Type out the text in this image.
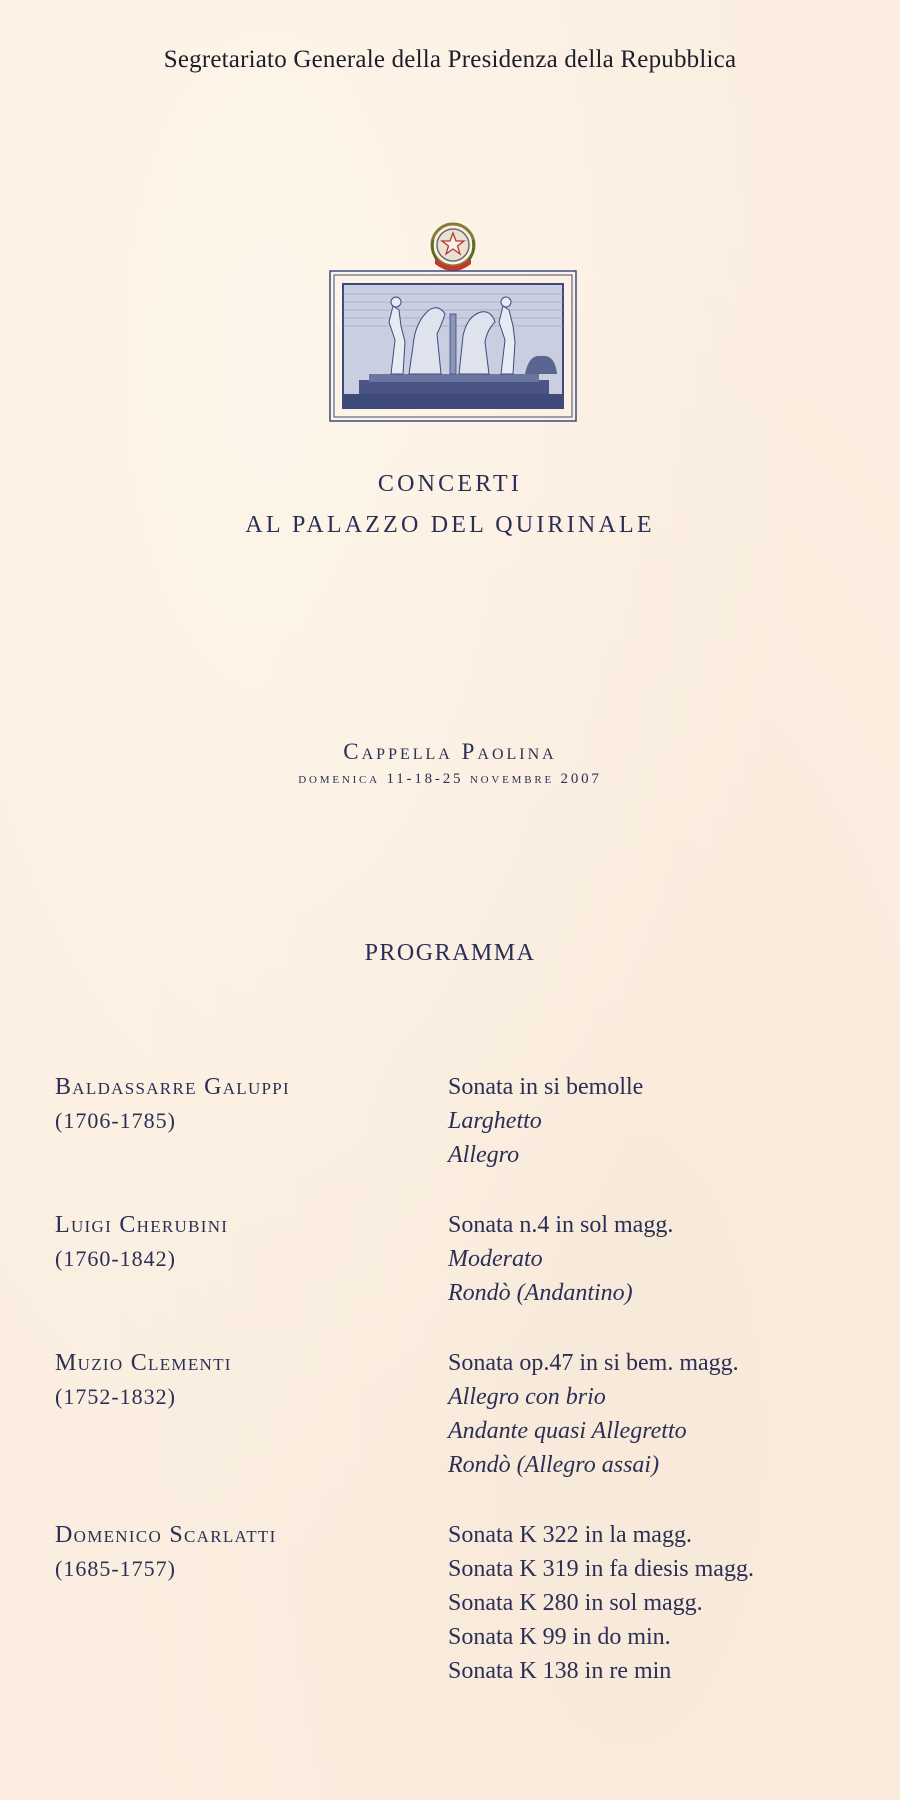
Segretariato Generale della Presidenza della Repubblica
CONCERTI
AL PALAZZO DEL QUIRINALE
Cappella Paolina
domenica 11-18-25 novembre 2007
PROGRAMMA
Baldassarre Galuppi
(1706-1785)
Sonata in si bemolle
Larghetto
Allegro
Luigi Cherubini
(1760-1842)
Sonata n.4 in sol magg.
Moderato
Rondò (Andantino)
Muzio Clementi
(1752-1832)
Sonata op.47 in si bem. magg.
Allegro con brio
Andante quasi Allegretto
Rondò (Allegro assai)
Domenico Scarlatti
(1685-1757)
Sonata K 322 in la magg.
Sonata K 319 in fa diesis magg.
Sonata K 280 in sol magg.
Sonata K 99 in do min.
Sonata K 138 in re min
